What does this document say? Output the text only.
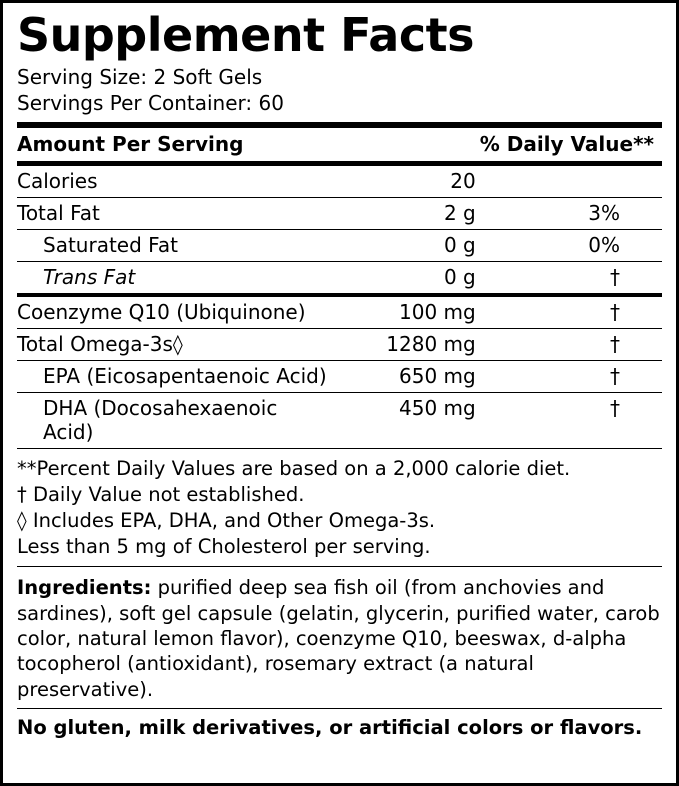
Supplement Facts
Serving Size: 2 Soft Gels
Servings Per Container: 60
Amount Per Serving	% Daily Value**
Calories	20	
Total Fat	2 g	3%
Saturated Fat	0 g	0%
Trans Fat	0 g	†
Coenzyme Q10 (Ubiquinone)	100 mg	†
Total Omega-3s◊	1280 mg	†
EPA (Eicosapentaenoic Acid)	650 mg	†
DHA (Docosahexaenoic Acid)	450 mg	†
**Percent Daily Values are based on a 2,000 calorie diet.
† Daily Value not established.
◊ Includes EPA, DHA, and Other Omega-3s.
Less than 5 mg of Cholesterol per serving.
Ingredients: purified deep sea fish oil (from anchovies and sardines), soft gel capsule (gelatin, glycerin, purified water, carob color, natural lemon flavor), coenzyme Q10, beeswax, d-alpha tocopherol (antioxidant), rosemary extract (a natural preservative).
No gluten, milk derivatives, or artificial colors or flavors.
